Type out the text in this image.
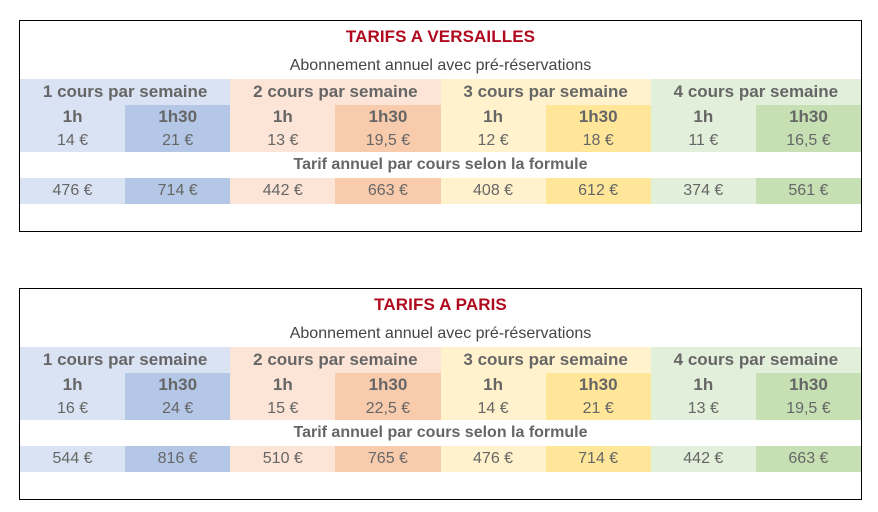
TARIFS A VERSAILLES
Abonnement annuel avec pré-réservations
1 cours par semaine	2 cours par semaine	3 cours par semaine	4 cours par semaine
1h	1h30	1h	1h30	1h	1h30	1h	1h30
14 €	21 €	13 €	19,5 €	12 €	18 €	11 €	16,5 €
Tarif annuel par cours selon la formule
476 €	714 €	442 €	663 €	408 €	612 €	374 €	561 €
TARIFS A PARIS
Abonnement annuel avec pré-réservations
1 cours par semaine	2 cours par semaine	3 cours par semaine	4 cours par semaine
1h	1h30	1h	1h30	1h	1h30	1h	1h30
16 €	24 €	15 €	22,5 €	14 €	21 €	13 €	19,5 €
Tarif annuel par cours selon la formule
544 €	816 €	510 €	765 €	476 €	714 €	442 €	663 €
